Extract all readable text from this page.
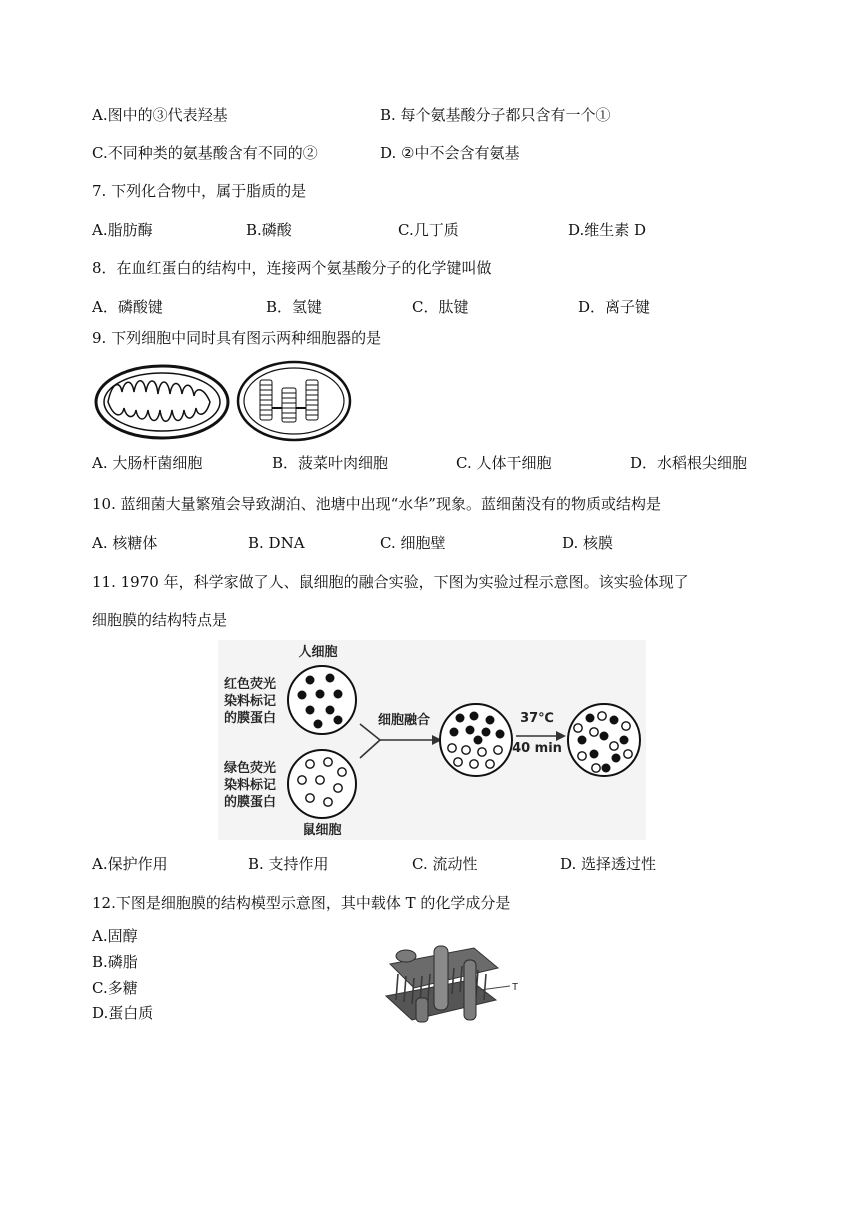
A.图中的③代表羟基	B. 每个氨基酸分子都只含有一个①
C.不同种类的氨基酸含有不同的②	D. ②中不会含有氨基
7. 下列化合物中，属于脂质的是
A.脂肪酶	B.磷酸	C.几丁质	D.维生素 D
8．在血红蛋白的结构中，连接两个氨基酸分子的化学键叫做
A．磷酸键	B．氢键	C．肽键	D．离子键
9. 下列细胞中同时具有图示两种细胞器的是
A. 大肠杆菌细胞	B．菠菜叶肉细胞	C. 人体干细胞	D．水稻根尖细胞
10. 蓝细菌大量繁殖会导致湖泊、池塘中出现“水华”现象。蓝细菌没有的物质或结构是
A. 核糖体	B. DNA	C. 细胞壁	D. 核膜
11. 1970 年，科学家做了人、鼠细胞的融合实验，下图为实验过程示意图。该实验体现了
细胞膜的结构特点是
人细胞
红色荧光
染料标记
的膜蛋白
绿色荧光
染料标记
的膜蛋白
鼠细胞
细胞融合	37℃
40 min
A.保护作用	B. 支持作用	C. 流动性	D. 选择透过性
12.下图是细胞膜的结构模型示意图，其中载体 T 的化学成分是
A.固醇
B.磷脂
C.多糖
D.蛋白质
T
